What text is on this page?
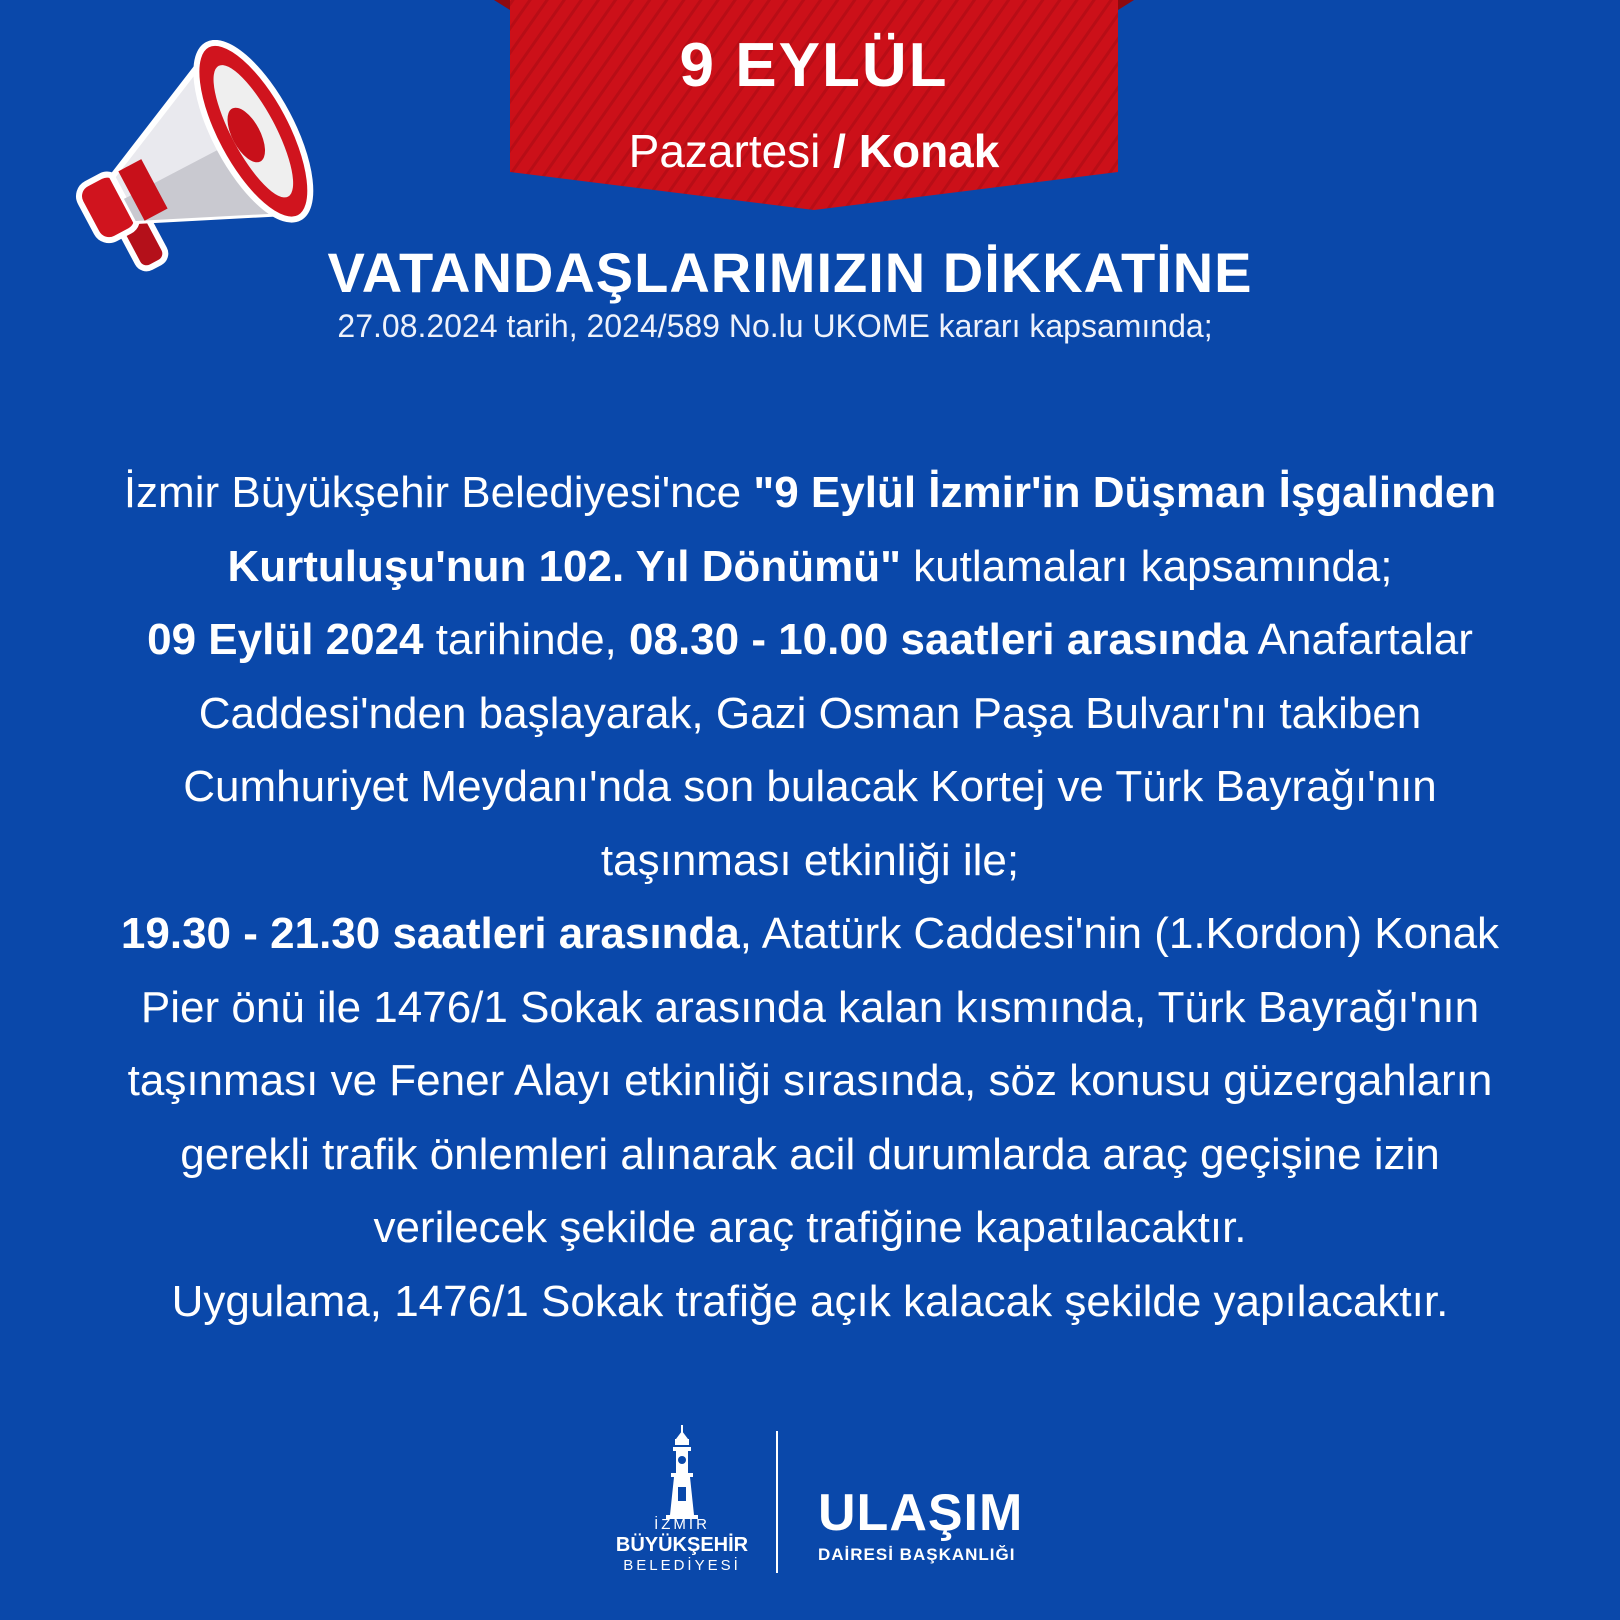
9 EYLÜL
Pazartesi / Konak
VATANDAŞLARIMIZIN DİKKATİNE
27.08.2024 tarih, 2024/589 No.lu UKOME kararı kapsamında;
İzmir Büyükşehir Belediyesi'nce "9 Eylül İzmir'in Düşman İşgalinden Kurtuluşu'nun 102. Yıl Dönümü" kutlamaları kapsamında;
09 Eylül 2024 tarihinde, 08.30 - 10.00 saatleri arasında Anafartalar Caddesi'nden başlayarak, Gazi Osman Paşa Bulvarı'nı takiben Cumhuriyet Meydanı'nda son bulacak Kortej ve Türk Bayrağı'nın taşınması etkinliği ile;
19.30 - 21.30 saatleri arasında, Atatürk Caddesi'nin (1.Kordon) Konak Pier önü ile 1476/1 Sokak arasında kalan kısmında, Türk Bayrağı'nın taşınması ve Fener Alayı etkinliği sırasında, söz konusu güzergahların gerekli trafik önlemleri alınarak acil durumlarda araç geçişine izin verilecek şekilde araç trafiğine kapatılacaktır.
Uygulama, 1476/1 Sokak trafiğe açık kalacak şekilde yapılacaktır.
İZMİR
BÜYÜKŞEHİR
BELEDİYESİ
ULAŞIM
DAİRESİ BAŞKANLIĞI
